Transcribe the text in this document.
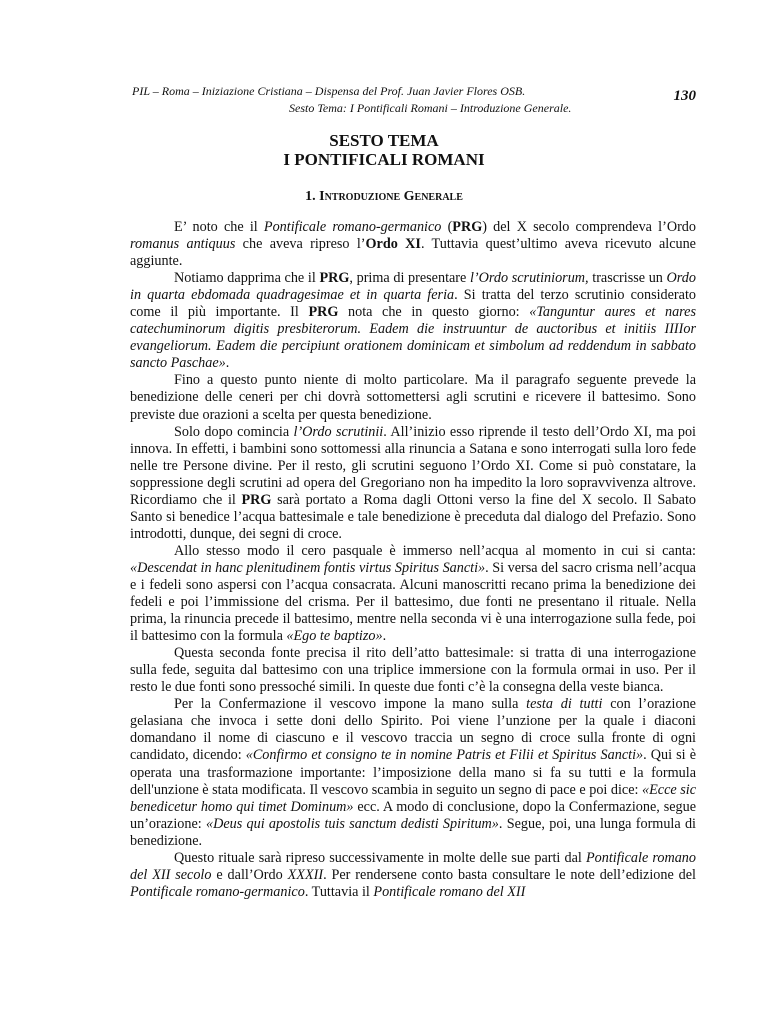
PIL – Roma – Iniziazione Cristiana – Dispensa del Prof. Juan Javier Flores OSB.
Sesto Tema: I Pontificali Romani – Introduzione Generale.
130
SESTO TEMA
I PONTIFICALI ROMANI
1. Introduzione Generale

E’ noto che il Pontificale romano-germanico (PRG) del X secolo comprendeva l’Ordo romanus antiquus che aveva ripreso l’Ordo XI. Tuttavia quest’ultimo aveva ricevuto alcune aggiunte.

Notiamo dapprima che il PRG, prima di presentare l’Ordo scrutiniorum, trascrisse un Ordo in quarta ebdomada quadragesimae et in quarta feria. Si tratta del terzo scrutinio considerato come il più importante. Il PRG nota che in questo giorno: «Tanguntur aures et nares catechuminorum digitis presbiterorum. Eadem die instruuntur de auctoribus et initiis IIIIor evangeliorum. Eadem die percipiunt orationem dominicam et simbolum ad reddendum in sabbato sancto Paschae».

Fino a questo punto niente di molto particolare. Ma il paragrafo seguente prevede la benedizione delle ceneri per chi dovrà sottomettersi agli scrutini e ricevere il battesimo. Sono previste due orazioni a scelta per questa benedizione.

Solo dopo comincia l’Ordo scrutinii. All’inizio esso riprende il testo dell’Ordo XI, ma poi innova. In effetti, i bambini sono sottomessi alla rinuncia a Satana e sono interrogati sulla loro fede nelle tre Persone divine. Per il resto, gli scrutini seguono l’Ordo XI. Come si può constatare, la soppressione degli scrutini ad opera del Gregoriano non ha impedito la loro sopravvivenza altrove. Ricordiamo che il PRG sarà portato a Roma dagli Ottoni verso la fine del X secolo. Il Sabato Santo si benedice l’acqua battesimale e tale benedizione è preceduta dal dialogo del Prefazio. Sono introdotti, dunque, dei segni di croce.

Allo stesso modo il cero pasquale è immerso nell’acqua al momento in cui si canta: «Descendat in hanc plenitudinem fontis virtus Spiritus Sancti». Si versa del sacro crisma nell’acqua e i fedeli sono aspersi con l’acqua consacrata. Alcuni manoscritti recano prima la benedizione dei fedeli e poi l’immissione del crisma. Per il battesimo, due fonti ne presentano il rituale. Nella prima, la rinuncia precede il battesimo, mentre nella seconda vi è una interrogazione sulla fede, poi il battesimo con la formula «Ego te baptizo».

Questa seconda fonte precisa il rito dell’atto battesimale: si tratta di una interrogazione sulla fede, seguita dal battesimo con una triplice immersione con la formula ormai in uso. Per il resto le due fonti sono pressoché simili. In queste due fonti c’è la consegna della veste bianca.

Per la Confermazione il vescovo impone la mano sulla testa di tutti con l’orazione gelasiana che invoca i sette doni dello Spirito. Poi viene l’unzione per la quale i diaconi domandano il nome di ciascuno e il vescovo traccia un segno di croce sulla fronte di ogni candidato, dicendo: «Confirmo et consigno te in nomine Patris et Filii et Spiritus Sancti». Qui si è operata una trasformazione importante: l’imposizione della mano si fa su tutti e la formula dell'unzione è stata modificata. Il vescovo scambia in seguito un segno di pace e poi dice: «Ecce sic benedicetur homo qui timet Dominum» ecc. A modo di conclusione, dopo la Confermazione, segue un’orazione: «Deus qui apostolis tuis sanctum dedisti Spiritum». Segue, poi, una lunga formula di benedizione.

Questo rituale sarà ripreso successivamente in molte delle sue parti dal Pontificale romano del XII secolo e dall’Ordo XXXII. Per rendersene conto basta consultare le note dell’edizione del Pontificale romano-germanico. Tuttavia il Pontificale romano del XII
